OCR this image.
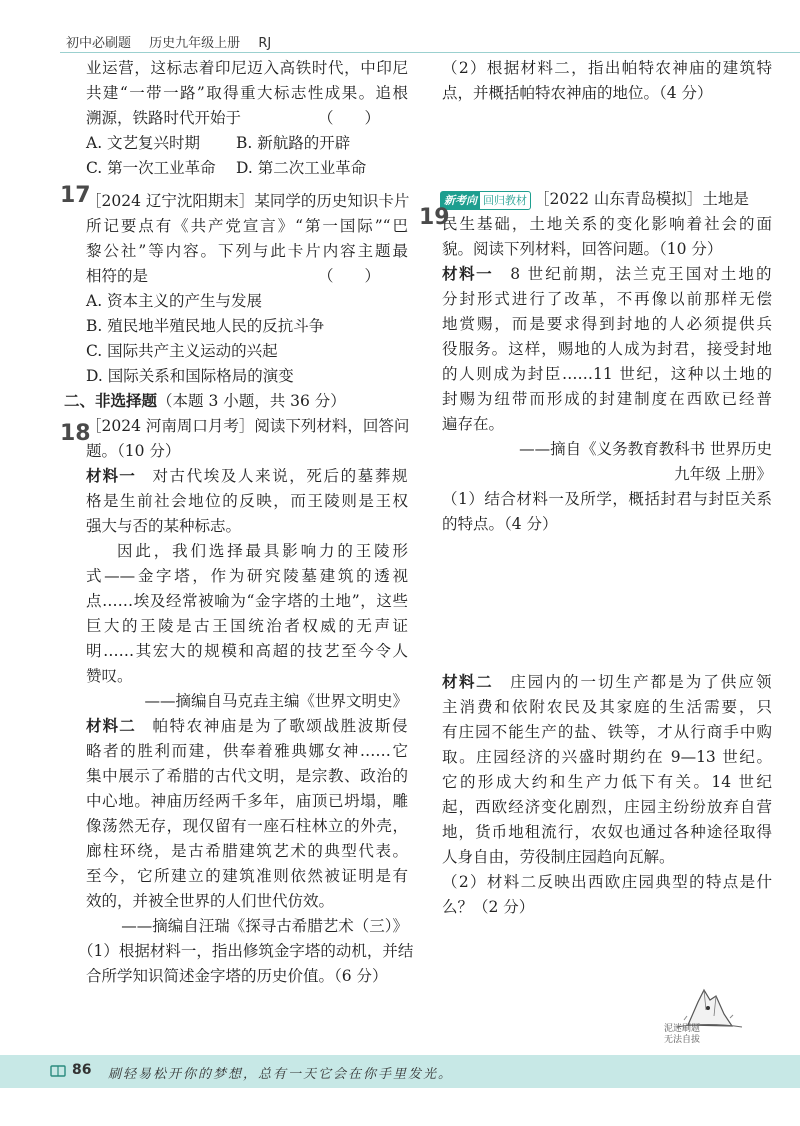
初中必刷题 历史九年级上册 RJ
业运营，这标志着印尼迈入高铁时代，中印尼
共建“一带一路”取得重大标志性成果。追根
溯源，铁路时代开始于	（　　）
A. 文艺复兴时期 B. 新航路的开辟
C. 第一次工业革命 D. 第二次工业革命
［2024 辽宁沈阳期末］某同学的历史知识卡片
所记要点有《共产党宣言》“第一国际”“巴
黎公社”等内容。下列与此卡片内容主题最
相符的是	（　　）
A. 资本主义的产生与发展
B. 殖民地半殖民地人民的反抗斗争
C. 国际共产主义运动的兴起
D. 国际关系和国际格局的演变
二、非选择题（本题 3 小题，共 36 分）
［2024 河南周口月考］阅读下列材料，回答问
题。（10 分）
材料一　 对古代埃及人来说，死后的墓葬规
格是生前社会地位的反映，而王陵则是王权
强大与否的某种标志。
因此，我们选择最具影响力的王陵形
式——金字塔，作为研究陵墓建筑的透视
点……埃及经常被喻为“金字塔的土地”，这些
巨大的王陵是古王国统治者权威的无声证
明……其宏大的规模和高超的技艺至今令人
赞叹。
——摘编自马克垚主编《世界文明史》
材料二　 帕特农神庙是为了歌颂战胜波斯侵
略者的胜利而建，供奉着雅典娜女神……它
集中展示了希腊的古代文明，是宗教、政治的
中心地。神庙历经两千多年，庙顶已坍塌，雕
像荡然无存，现仅留有一座石柱林立的外壳，
廊柱环绕，是古希腊建筑艺术的典型代表。
至今，它所建立的建筑准则依然被证明是有
效的，并被全世界的人们世代仿效。
——摘编自汪瑞《探寻古希腊艺术（三）》
（1）根据材料一，指出修筑金字塔的动机，并结
合所学知识简述金字塔的历史价值。（6 分）
17
18
（2）根据材料二，指出帕特农神庙的建筑特
点，并概括帕特农神庙的地位。（4 分）
新考向 回归教材 ［2022 山东青岛模拟］土地是
民生基础，土地关系的变化影响着社会的面
貌。阅读下列材料，回答问题。（10 分）
材料一　 8 世纪前期，法兰克王国对土地的
分封形式进行了改革，不再像以前那样无偿
地赏赐，而是要求得到封地的人必须提供兵
役服务。这样，赐地的人成为封君，接受封地
的人则成为封臣……11 世纪，这种以土地的
封赐为纽带而形成的封建制度在西欧已经普
遍存在。
——摘自《义务教育教科书 世界历史
九年级 上册》
（1）结合材料一及所学，概括封君与封臣关系
的特点。（4 分）
材料二　 庄园内的一切生产都是为了供应领
主消费和依附农民及其家庭的生活需要，只
有庄园不能生产的盐、铁等，才从行商手中购
取。庄园经济的兴盛时期约在 9—13 世纪。
它的形成大约和生产力低下有关。14 世纪
起，西欧经济变化剧烈，庄园主纷纷放弃自营
地，货币地租流行，农奴也通过各种途径取得
人身自由，劳役制庄园趋向瓦解。
（2）材料二反映出西欧庄园典型的特点是什
么？（2 分）
19
泥迷刷题
无法自拔
86 刷轻易松开你的梦想，总有一天它会在你手里发光。
